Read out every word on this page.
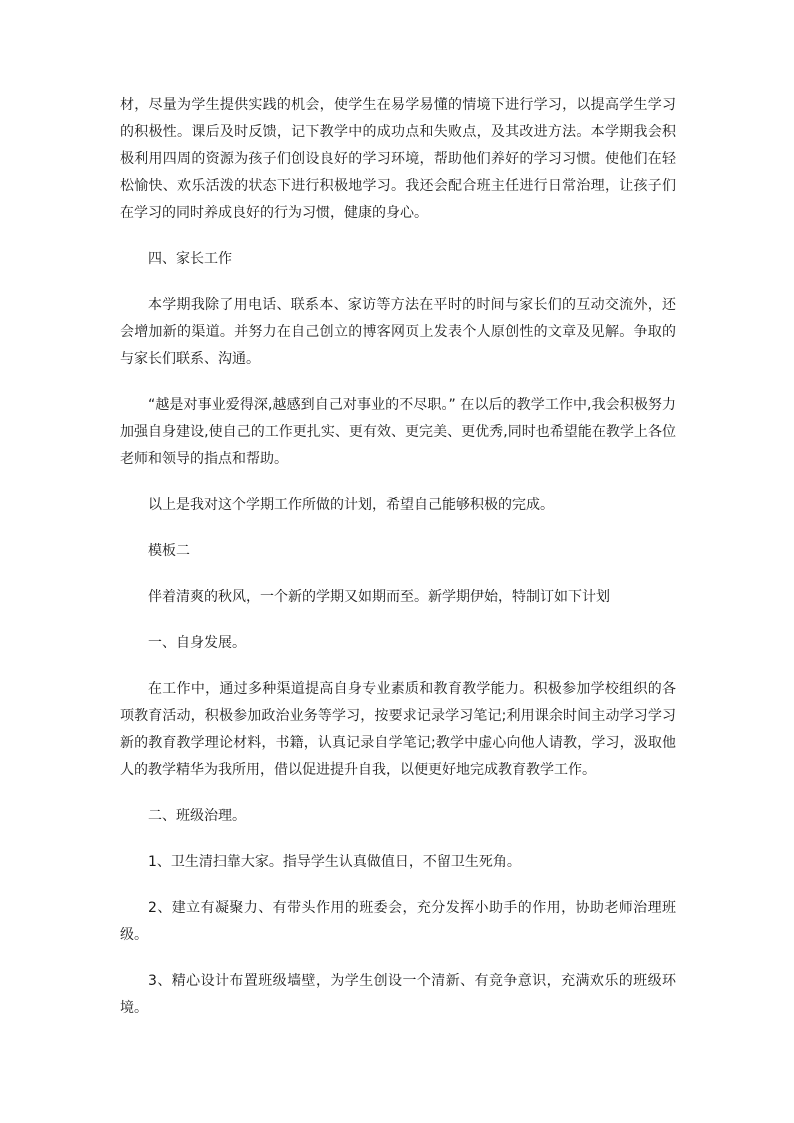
材，尽量为学生提供实践的机会，使学生在易学易懂的情境下进行学习，以提高学生学习的积极性。课后及时反馈，记下教学中的成功点和失败点，及其改进方法。本学期我会积极利用四周的资源为孩子们创设良好的学习环境，帮助他们养好的学习习惯。使他们在轻松愉快、欢乐活泼的状态下进行积极地学习。我还会配合班主任进行日常治理，让孩子们在学习的同时养成良好的行为习惯，健康的身心。

四、家长工作

本学期我除了用电话、联系本、家访等方法在平时的时间与家长们的互动交流外，还会增加新的渠道。并努力在自己创立的博客网页上发表个人原创性的文章及见解。争取的与家长们联系、沟通。

“越是对事业爱得深,越感到自己对事业的不尽职。” 在以后的教学工作中,我会积极努力加强自身建设,使自己的工作更扎实、更有效、更完美、更优秀,同时也希望能在教学上各位老师和领导的指点和帮助。

以上是我对这个学期工作所做的计划，希望自己能够积极的完成。

模板二

伴着清爽的秋风，一个新的学期又如期而至。新学期伊始，特制订如下计划

一、自身发展。

在工作中，通过多种渠道提高自身专业素质和教育教学能力。积极参加学校组织的各项教育活动，积极参加政治业务等学习，按要求记录学习笔记;利用课余时间主动学习学习新的教育教学理论材料，书籍，认真记录自学笔记;教学中虚心向他人请教，学习，汲取他人的教学精华为我所用，借以促进提升自我，以便更好地完成教育教学工作。

二、班级治理。

1、卫生清扫靠大家。指导学生认真做值日，不留卫生死角。

2、建立有凝聚力、有带头作用的班委会，充分发挥小助手的作用，协助老师治理班级。

3、精心设计布置班级墙壁，为学生创设一个清新、有竞争意识，充满欢乐的班级环境。
